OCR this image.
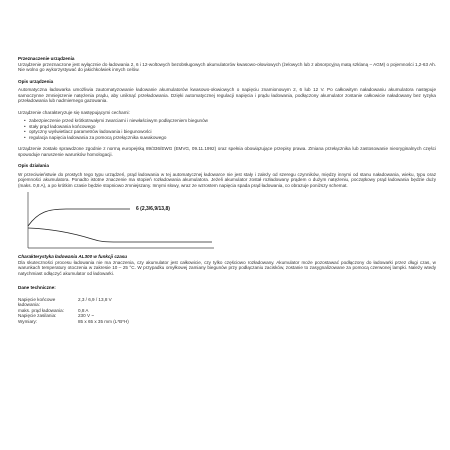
Przeznaczenie urządzenia
Urządzenie przeznaczone jest wyłącznie do ładowania 2, 6 i 12-woltowych bezobsługowych akumulatorów kwasowo-ołowiowych (żelowych lub z absorpcyjną matą szklaną – AGM) o pojemności 1,2-63 Ah. Nie wolno go wykorzystywać do jakichkolwiek innych celów.
Opis urządzenia
Automatyczna ładowarka umożliwia zautomatyzowanie ładowanie akumulatorów kwasowo-ołowiowych o napięciu znamionowym 2, 6 lub 12 V. Po całkowitym naładowaniu akumulatora następuje samoczynne zmniejszenie natężenia prądu, aby uniknąć przeładowania. Dzięki automatycznej regulacji napięcia i prądu ładowania, podłączony akumulator zostanie całkowicie naładowany bez ryzyka przeładowania lub nadmiernego gazowania.
Urządzenie charakteryzuje się następującymi cechami:
• zabezpieczenie przed krótkotrwałymi zwarciami i niewłaściwym podłączeniem biegunów
• stały prąd ładowania końcowego
• optyczny wyświetlacz parametrów ładowania i biegunowości
• regulacja napięcia ładowania za pomocą przełącznika suwakowego
Urządzenie zostało sprawdzone zgodnie z normą europejską 89/336/EWG (EMVG, 09.11.1992) oraz spełnia obowiązujące przepisy prawa. Zmiana przełącznika lub zastosowanie nieoryginalnych części spowoduje naruszenie warunków homologacji.
Opis działania
W przeciwieństwie do prostych tego typu urządzeń, prąd ładowania w tej automatycznej ładowarce nie jest stały i zależy od szeregu czynników, między innymi od stanu naładowania, wieku, typu oraz pojemności akumulatora. Ponadto istotne znaczenie ma stopień rozładowania akumulatora. Jeżeli akumulator został rozładowany prądem o dużym natężeniu, początkowy prąd ładowania będzie duży (maks. 0,8 A), a po krótkim czasie będzie stopniowo zmniejszany. Innymi słowy, wraz ze wzrostem napięcia spada prąd ładowania, co obrazuje poniższy schemat.
6 (2,3/6,9/13,8)
Charakterystyka ładowania AL300 w funkcji czasu
Dla skuteczności procesu ładowania nie ma znaczenia, czy akumulator jest całkowicie, czy tylko częściowo rozładowany. Akumulator może pozostawać podłączony do ładowarki przez długi czas, w warunkach temperatury otoczenia w zakresie 10 – 25 °C. W przypadku omyłkowej zamiany biegunów przy podłączaniu zacisków, zostanie to zasygnalizowane za pomocą czerwonej lampki. Należy wtedy natychmiast odłączyć akumulator od ładowarki.
Dane techniczne:
Napięcie końcowe ładowania:	2,3 / 6,9 / 13,8 V
maks. prąd ładowania:	0,8 A
Napięcie zasilania:	230 V ~
Wymiary:	85 x 65 x 35 mm (L*B*H)
